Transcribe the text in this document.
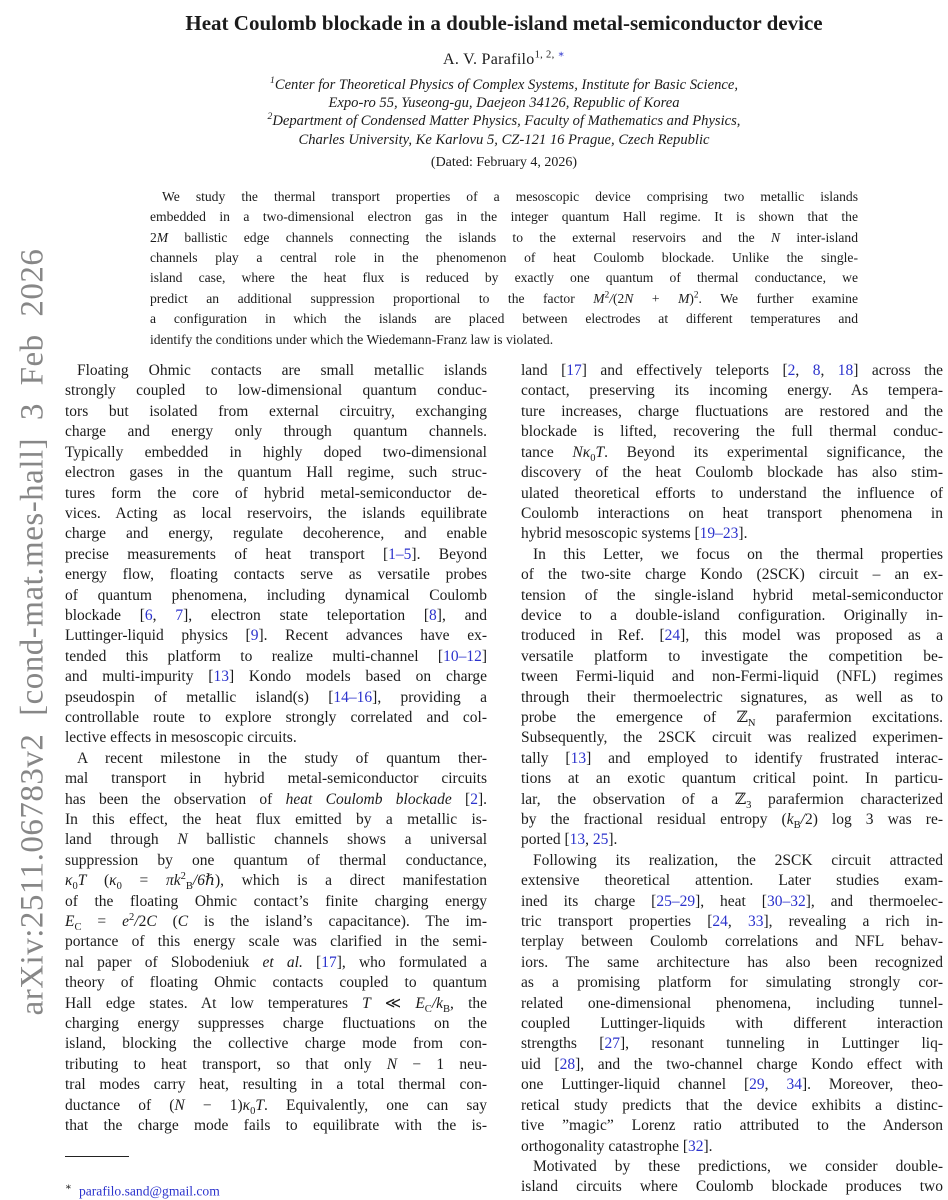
arXiv:2511.06783v2 [cond-mat.mes-hall] 3 Feb 2026
Heat Coulomb blockade in a double-island metal-semiconductor device
A. V. Parafilo$^{1, 2, ∗}$
$^1$Center for Theoretical Physics of Complex Systems, Institute for Basic Science,
Expo-ro 55, Yuseong-gu, Daejeon 34126, Republic of Korea
$^2$Department of Condensed Matter Physics, Faculty of Mathematics and Physics,
Charles University, Ke Karlovu 5, CZ-121 16 Prague, Czech Republic
(Dated: February 4, 2026)
We study the thermal transport properties of a mesoscopic device comprising two metallic islands
embedded in a two-dimensional electron gas in the integer quantum Hall regime. It is shown that the
2M ballistic edge channels connecting the islands to the external reservoirs and the N inter-island
channels play a central role in the phenomenon of heat Coulomb blockade. Unlike the single-
island case, where the heat flux is reduced by exactly one quantum of thermal conductance, we
predict an additional suppression proportional to the factor $M^2/(2N + M)^2$. We further examine
a configuration in which the islands are placed between electrodes at different temperatures and
identify the conditions under which the Wiedemann-Franz law is violated.
Floating Ohmic contacts are small metallic islands
strongly coupled to low-dimensional quantum conduc-
tors but isolated from external circuitry, exchanging
charge and energy only through quantum channels.
Typically embedded in highly doped two-dimensional
electron gases in the quantum Hall regime, such struc-
tures form the core of hybrid metal-semiconductor de-
vices. Acting as local reservoirs, the islands equilibrate
charge and energy, regulate decoherence, and enable
precise measurements of heat transport [1–5]. Beyond
energy flow, floating contacts serve as versatile probes
of quantum phenomena, including dynamical Coulomb
blockade [6, 7], electron state teleportation [8], and
Luttinger-liquid physics [9]. Recent advances have ex-
tended this platform to realize multi-channel [10–12]
and multi-impurity [13] Kondo models based on charge
pseudospin of metallic island(s) [14–16], providing a
controllable route to explore strongly correlated and col-
lective effects in mesoscopic circuits.
A recent milestone in the study of quantum ther-
mal transport in hybrid metal-semiconductor circuits
has been the observation of heat Coulomb blockade [2].
In this effect, the heat flux emitted by a metallic is-
land through N ballistic channels shows a universal
suppression by one quantum of thermal conductance,
$\kappa_0T$ ($\kappa_0$ = $\pi k^2_B/6\hbar$), which is a direct manifestation
of the floating Ohmic contact’s finite charging energy
$E_C = e^2/2C$ (C is the island’s capacitance). The im-
portance of this energy scale was clarified in the semi-
nal paper of Slobodeniuk et al. [17], who formulated a
theory of floating Ohmic contacts coupled to quantum
Hall edge states. At low temperatures T ≪ $E_C/k_B$, the
charging energy suppresses charge fluctuations on the
island, blocking the collective charge mode from con-
tributing to heat transport, so that only N − 1 neu-
tral modes carry heat, resulting in a total thermal con-
ductance of $(N - 1)\kappa_0T$. Equivalently, one can say
that the charge mode fails to equilibrate with the is-
∗ parafilo.sand@gmail.com
land [17] and effectively teleports [2, 8, 18] across the
contact, preserving its incoming energy. As tempera-
ture increases, charge fluctuations are restored and the
blockade is lifted, recovering the full thermal conduc-
tance $N\kappa_0T$. Beyond its experimental significance, the
discovery of the heat Coulomb blockade has also stim-
ulated theoretical efforts to understand the influence of
Coulomb interactions on heat transport phenomena in
hybrid mesoscopic systems [19–23].
In this Letter, we focus on the thermal properties
of the two-site charge Kondo (2SCK) circuit – an ex-
tension of the single-island hybrid metal-semiconductor
device to a double-island configuration. Originally in-
troduced in Ref. [24], this model was proposed as a
versatile platform to investigate the competition be-
tween Fermi-liquid and non-Fermi-liquid (NFL) regimes
through their thermoelectric signatures, as well as to
probe the emergence of ℤ$_N$ parafermion excitations.
Subsequently, the 2SCK circuit was realized experimen-
tally [13] and employed to identify frustrated interac-
tions at an exotic quantum critical point. In particu-
lar, the observation of a ℤ$_3$ parafermion characterized
by the fractional residual entropy $(k_B/2)$ log 3 was re-
ported [13, 25].
Following its realization, the 2SCK circuit attracted
extensive theoretical attention. Later studies exam-
ined its charge [25–29], heat [30–32], and thermoelec-
tric transport properties [24, 33], revealing a rich in-
terplay between Coulomb correlations and NFL behav-
iors. The same architecture has also been recognized
as a promising platform for simulating strongly cor-
related one-dimensional phenomena, including tunnel-
coupled Luttinger-liquids with different interaction
strengths [27], resonant tunneling in Luttinger liq-
uid [28], and the two-channel charge Kondo effect with
one Luttinger-liquid channel [29, 34]. Moreover, theo-
retical study predicts that the device exhibits a distinc-
tive ”magic” Lorenz ratio attributed to the Anderson
orthogonality catastrophe [32].
Motivated by these predictions, we consider double-
island circuits where Coulomb blockade produces two
